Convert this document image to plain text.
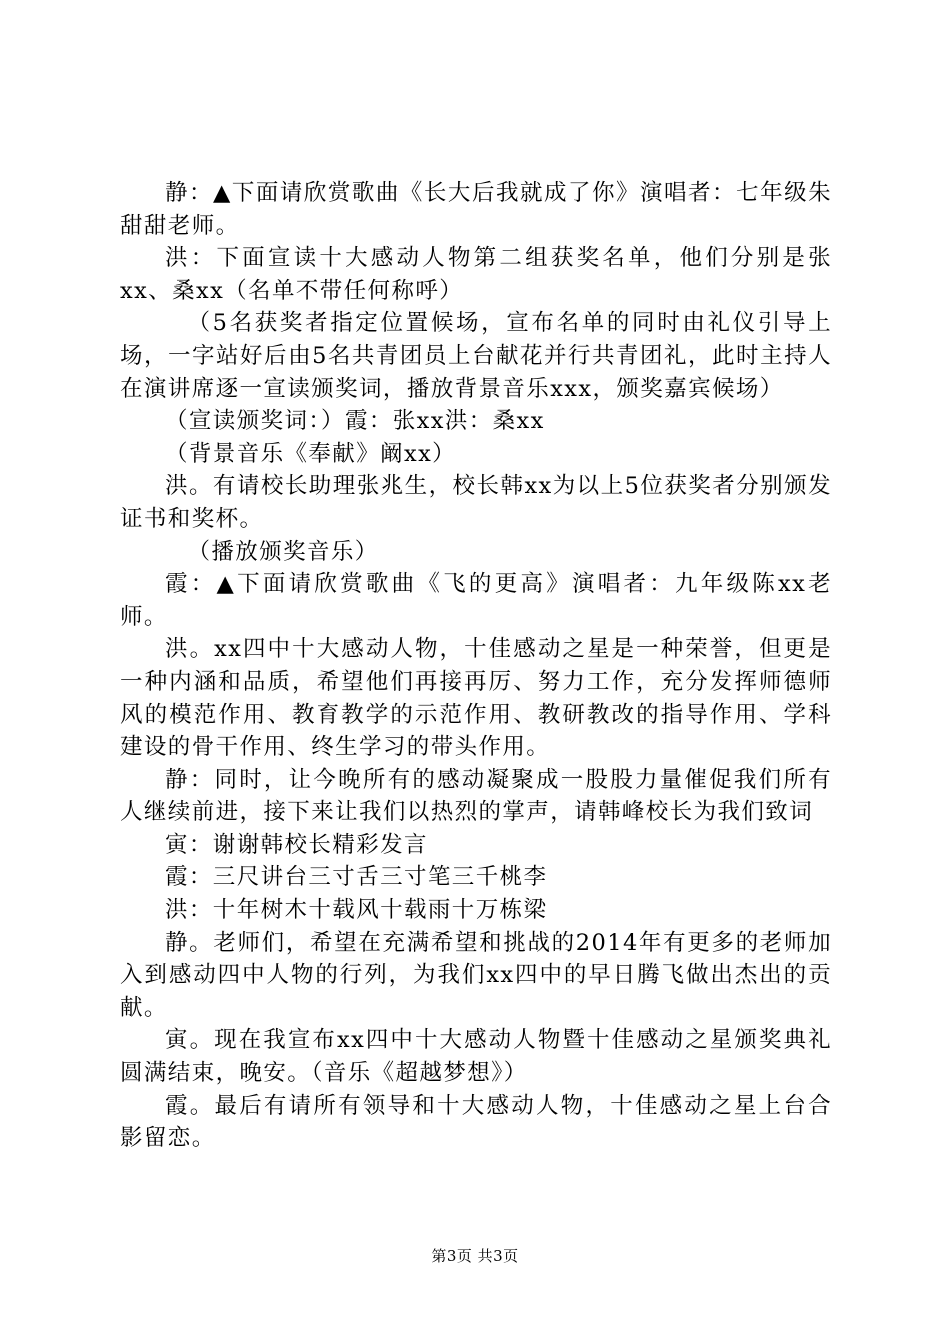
静：▲下面请欣赏歌曲《长大后我就成了你》演唱者：七年级朱甜甜老师。

洪：下面宣读十大感动人物第二组获奖名单，他们分别是张xx、桑xx（名单不带任何称呼）

（5名获奖者指定位置候场，宣布名单的同时由礼仪引导上场，一字站好后由5名共青团员上台献花并行共青团礼，此时主持人在演讲席逐一宣读颁奖词，播放背景音乐xxx，颁奖嘉宾候场）

（宣读颁奖词：）霞：张xx洪：桑xx

（背景音乐《奉献》阚xx）

洪。有请校长助理张兆生，校长韩xx为以上5位获奖者分别颁发证书和奖杯。

（播放颁奖音乐）

霞：▲下面请欣赏歌曲《飞的更高》演唱者：九年级陈xx老师。

洪。xx四中十大感动人物，十佳感动之星是一种荣誉，但更是一种内涵和品质，希望他们再接再厉、努力工作，充分发挥师德师风的模范作用、教育教学的示范作用、教研教改的指导作用、学科建设的骨干作用、终生学习的带头作用。

静：同时，让今晚所有的感动凝聚成一股股力量催促我们所有人继续前进，接下来让我们以热烈的掌声，请韩峰校长为我们致词

寅：谢谢韩校长精彩发言

霞：三尺讲台三寸舌三寸笔三千桃李

洪：十年树木十载风十载雨十万栋梁

静。老师们，希望在充满希望和挑战的2014年有更多的老师加入到感动四中人物的行列，为我们xx四中的早日腾飞做出杰出的贡献。

寅。现在我宣布xx四中十大感动人物暨十佳感动之星颁奖典礼圆满结束，晚安。（音乐《超越梦想》）

霞。最后有请所有领导和十大感动人物，十佳感动之星上台合影留恋。

第3页 共3页
